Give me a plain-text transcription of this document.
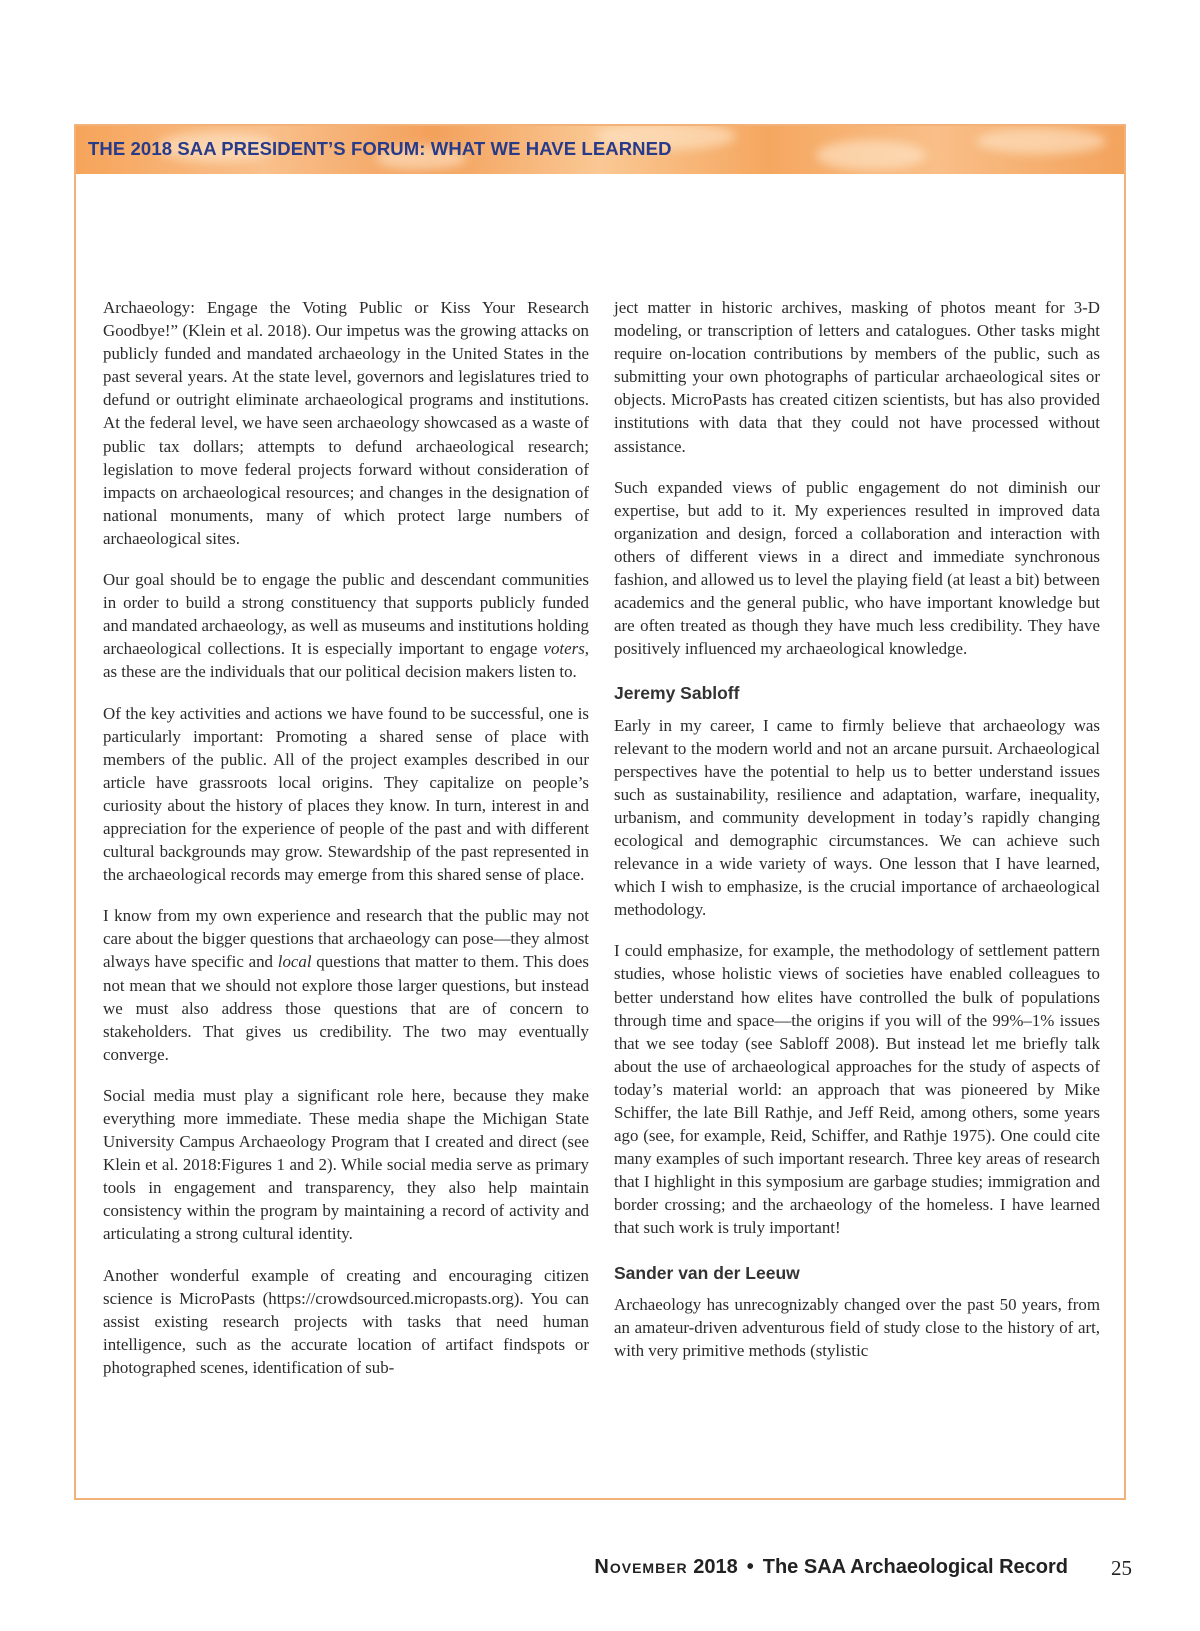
THE 2018 SAA PRESIDENT’S FORUM: WHAT WE HAVE LEARNED

Archaeology: Engage the Voting Public or Kiss Your Research Goodbye!” (Klein et al. 2018). Our impetus was the growing attacks on publicly funded and mandated archaeology in the United States in the past several years. At the state level, governors and legislatures tried to defund or outright eliminate archaeological programs and institutions. At the federal level, we have seen archaeology showcased as a waste of public tax dollars; attempts to defund archaeological research; legislation to move federal projects forward without consideration of impacts on archaeological resources; and changes in the designation of national monuments, many of which protect large numbers of archaeological sites.

Our goal should be to engage the public and descendant communities in order to build a strong constituency that supports publicly funded and mandated archaeology, as well as museums and institutions holding archaeological collections. It is especially important to engage voters, as these are the individuals that our political decision makers listen to.

Of the key activities and actions we have found to be successful, one is particularly important: Promoting a shared sense of place with members of the public. All of the project examples described in our article have grassroots local origins. They capitalize on people’s curiosity about the history of places they know. In turn, interest in and appreciation for the experience of people of the past and with different cultural backgrounds may grow. Stewardship of the past represented in the archaeological records may emerge from this shared sense of place.

I know from my own experience and research that the public may not care about the bigger questions that archaeology can pose—they almost always have specific and local questions that matter to them. This does not mean that we should not explore those larger questions, but instead we must also address those questions that are of concern to stakeholders. That gives us credibility. The two may eventually converge.

Social media must play a significant role here, because they make everything more immediate. These media shape the Michigan State University Campus Archaeology Program that I created and direct (see Klein et al. 2018:Figures 1 and 2). While social media serve as primary tools in engagement and transparency, they also help maintain consistency within the program by maintaining a record of activity and articulating a strong cultural identity.

Another wonderful example of creating and encouraging citizen science is MicroPasts (https://crowdsourced.micropasts.org). You can assist existing research projects with tasks that need human intelligence, such as the accurate location of artifact findspots or photographed scenes, identification of sub-

ject matter in historic archives, masking of photos meant for 3-D modeling, or transcription of letters and catalogues. Other tasks might require on-location contributions by members of the public, such as submitting your own photographs of particular archaeological sites or objects. MicroPasts has created citizen scientists, but has also provided institutions with data that they could not have processed without assistance.

Such expanded views of public engagement do not diminish our expertise, but add to it. My experiences resulted in improved data organization and design, forced a collaboration and interaction with others of different views in a direct and immediate synchronous fashion, and allowed us to level the playing field (at least a bit) between academics and the general public, who have important knowledge but are often treated as though they have much less credibility. They have positively influenced my archaeological knowledge.

Jeremy Sabloff

Early in my career, I came to firmly believe that archaeology was relevant to the modern world and not an arcane pursuit. Archaeological perspectives have the potential to help us to better understand issues such as sustainability, resilience and adaptation, warfare, inequality, urbanism, and community development in today’s rapidly changing ecological and demographic circumstances. We can achieve such relevance in a wide variety of ways. One lesson that I have learned, which I wish to emphasize, is the crucial importance of archaeological methodology.

I could emphasize, for example, the methodology of settlement pattern studies, whose holistic views of societies have enabled colleagues to better understand how elites have controlled the bulk of populations through time and space—the origins if you will of the 99%–1% issues that we see today (see Sabloff 2008). But instead let me briefly talk about the use of archaeological approaches for the study of aspects of today’s material world: an approach that was pioneered by Mike Schiffer, the late Bill Rathje, and Jeff Reid, among others, some years ago (see, for example, Reid, Schiffer, and Rathje 1975). One could cite many examples of such important research. Three key areas of research that I highlight in this symposium are garbage studies; immigration and border crossing; and the archaeology of the homeless. I have learned that such work is truly important!

Sander van der Leeuw

Archaeology has unrecognizably changed over the past 50 years, from an amateur-driven adventurous field of study close to the history of art, with very primitive methods (stylistic

November 2018 • The SAA Archaeological Record 25
